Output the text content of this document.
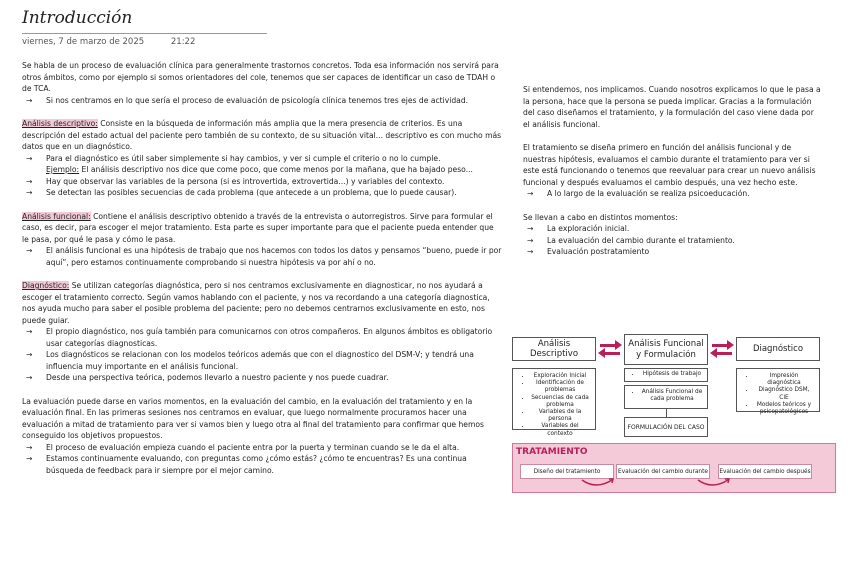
Introducción
viernes, 7 de marzo de 2025	21:22

Se habla de un proceso de evaluación clínica para generalmente trastornos concretos. Toda esa información nos servirá para otros ámbitos, como por ejemplo si somos orientadores del cole, tenemos que ser capaces de identificar un caso de TDAH o de TCA.

→	Si nos centramos en lo que sería el proceso de evaluación de psicología clínica tenemos tres ejes de actividad.

Análisis descriptivo: Consiste en la búsqueda de información más amplia que la mera presencia de criterios. Es una descripción del estado actual del paciente pero también de su contexto, de su situación vital... descriptivo es con mucho más datos que en un diagnóstico.

→	Para el diagnóstico es útil saber simplemente si hay cambios, y ver si cumple el criterio o no lo cumple.
Ejemplo: El análisis descriptivo nos dice que come poco, que come menos por la mañana, que ha bajado peso...
→	Hay que observar las variables de la persona (si es introvertida, extrovertida...) y variables del contexto.
→	Se detectan las posibles secuencias de cada problema (que antecede a un problema, que lo puede causar).

Análisis funcional: Contiene el análisis descriptivo obtenido a través de la entrevista o autorregistros. Sirve para formular el caso, es decir, para escoger el mejor tratamiento. Esta parte es super importante para que el paciente pueda entender que le pasa, por qué le pasa y cómo le pasa.

→	El análisis funcional es una hipótesis de trabajo que nos hacemos con todos los datos y pensamos “bueno, puede ir por aquí”, pero estamos continuamente comprobando si nuestra hipótesis va por ahí o no.

Diagnóstico: Se utilizan categorías diagnóstica, pero si nos centramos exclusivamente en diagnosticar, no nos ayudará a escoger el tratamiento correcto. Según vamos hablando con el paciente, y nos va recordando a una categoría diagnostica, nos ayuda mucho para saber el posible problema del paciente; pero no debemos centrarnos exclusivamente en esto, nos puede guiar.

→	El propio diagnóstico, nos guía también para comunicarnos con otros compañeros. En algunos ámbitos es obligatorio usar categorías diagnosticas.
→	Los diagnósticos se relacionan con los modelos teóricos además que con el diagnostico del DSM-V; y tendrá una influencia muy importante en el análisis funcional.
→	Desde una perspectiva teórica, podemos llevarlo a nuestro paciente y nos puede cuadrar.

La evaluación puede darse en varios momentos, en la evaluación del cambio, en la evaluación del tratamiento y en la evaluación final. En las primeras sesiones nos centramos en evaluar, que luego normalmente procuramos hacer una evaluación a mitad de tratamiento para ver si vamos bien y luego otra al final del tratamiento para confirmar que hemos conseguido los objetivos propuestos.

→	El proceso de evaluación empieza cuando el paciente entra por la puerta y terminan cuando se le da el alta.
→	Estamos continuamente evaluando, con preguntas como ¿cómo estás? ¿cómo te encuentras? Es una continua búsqueda de feedback para ir siempre por el mejor camino.

Si entendemos, nos implicamos. Cuando nosotros explicamos lo que le pasa a la persona, hace que la persona se pueda implicar. Gracias a la formulación del caso diseñamos el tratamiento, y la formulación del caso viene dada por el análisis funcional.

El tratamiento se diseña primero en función del análisis funcional y de nuestras hipótesis, evaluamos el cambio durante el tratamiento para ver si este está funcionando o tenemos que reevaluar para crear un nuevo análisis funcional y después evaluamos el cambio después, una vez hecho este.

→	A lo largo de la evaluación se realiza psicoeducación.

Se llevan a cabo en distintos momentos:

→	La exploración inicial.
→	La evaluación del cambio durante el tratamiento.
→	Evaluación postratamiento
Análisis Descriptivo
Análisis Funcional y Formulación
Diagnóstico
• Exploración Inicial
• Identificación de problemas
• Secuencias de cada problema
• Variables de la persona
• Variables del contexto
• Hipótesis de trabajo
• Análisis Funcional de cada problema
FORMULACIÓN DEL CASO
• Impresión diagnóstica
• Diagnóstico DSM, CIE
• Modelos teóricos y psicopatológicos
TRATAMIENTO
Diseño del tratamiento	Evaluación del cambio durante	Evaluación del cambio después
